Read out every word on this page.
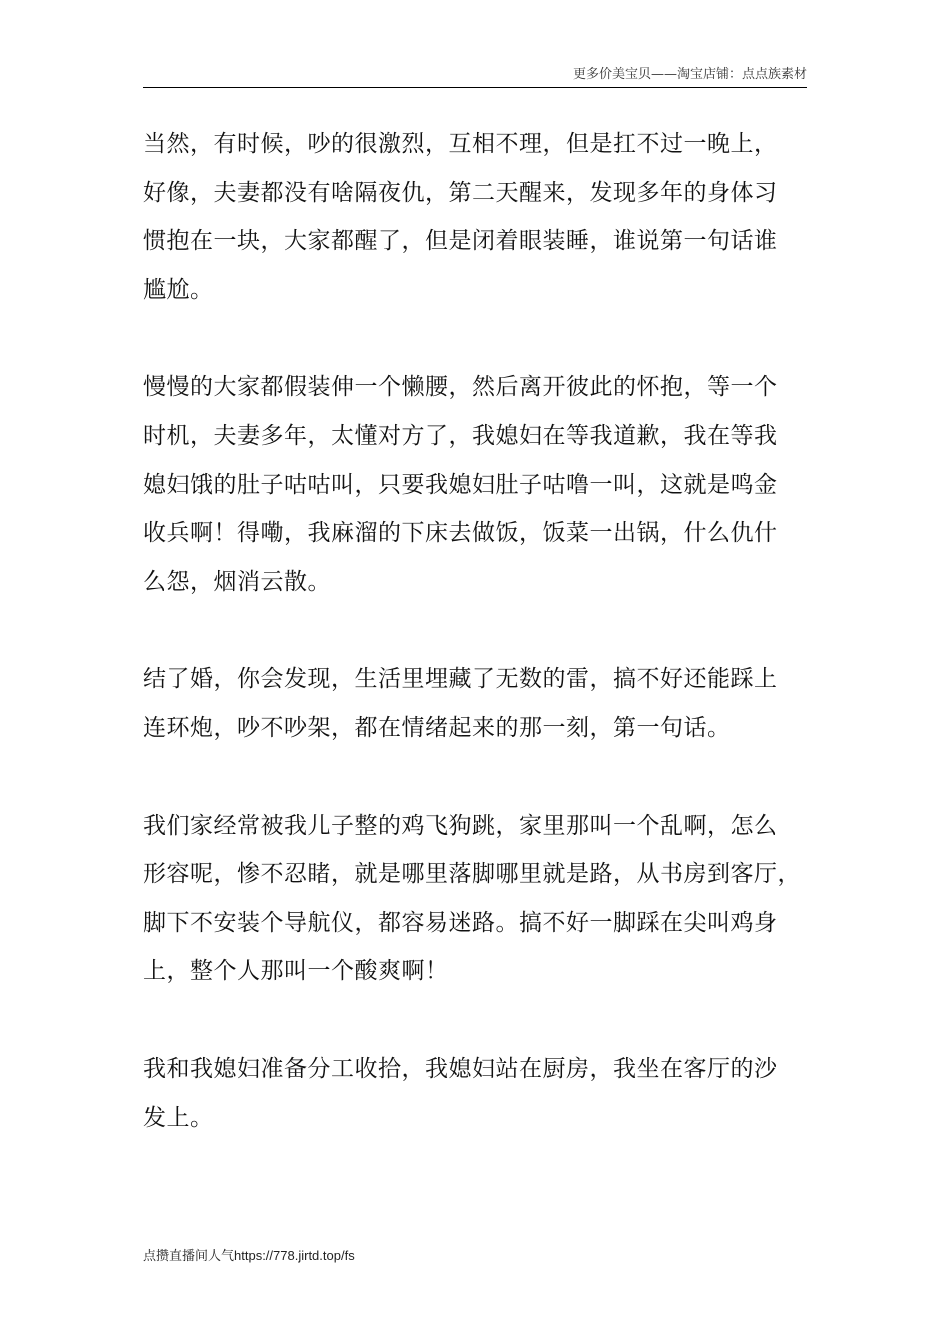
更多价美宝贝——淘宝店铺：点点族素材

当然，有时候，吵的很激烈，互相不理，但是扛不过一晚上，
好像，夫妻都没有啥隔夜仇，第二天醒来，发现多年的身体习
惯抱在一块，大家都醒了，但是闭着眼装睡，谁说第一句话谁
尴尬。

慢慢的大家都假装伸一个懒腰，然后离开彼此的怀抱，等一个
时机，夫妻多年，太懂对方了，我媳妇在等我道歉，我在等我
媳妇饿的肚子咕咕叫，只要我媳妇肚子咕噜一叫，这就是鸣金
收兵啊！得嘞，我麻溜的下床去做饭，饭菜一出锅，什么仇什
么怨，烟消云散。

结了婚，你会发现，生活里埋藏了无数的雷，搞不好还能踩上
连环炮，吵不吵架，都在情绪起来的那一刻，第一句话。

我们家经常被我儿子整的鸡飞狗跳，家里那叫一个乱啊，怎么
形容呢，惨不忍睹，就是哪里落脚哪里就是路，从书房到客厅，
脚下不安装个导航仪，都容易迷路。搞不好一脚踩在尖叫鸡身
上，整个人那叫一个酸爽啊！

我和我媳妇准备分工收拾，我媳妇站在厨房，我坐在客厅的沙
发上。

点攒直播间人气https://778.jirtd.top/fs
